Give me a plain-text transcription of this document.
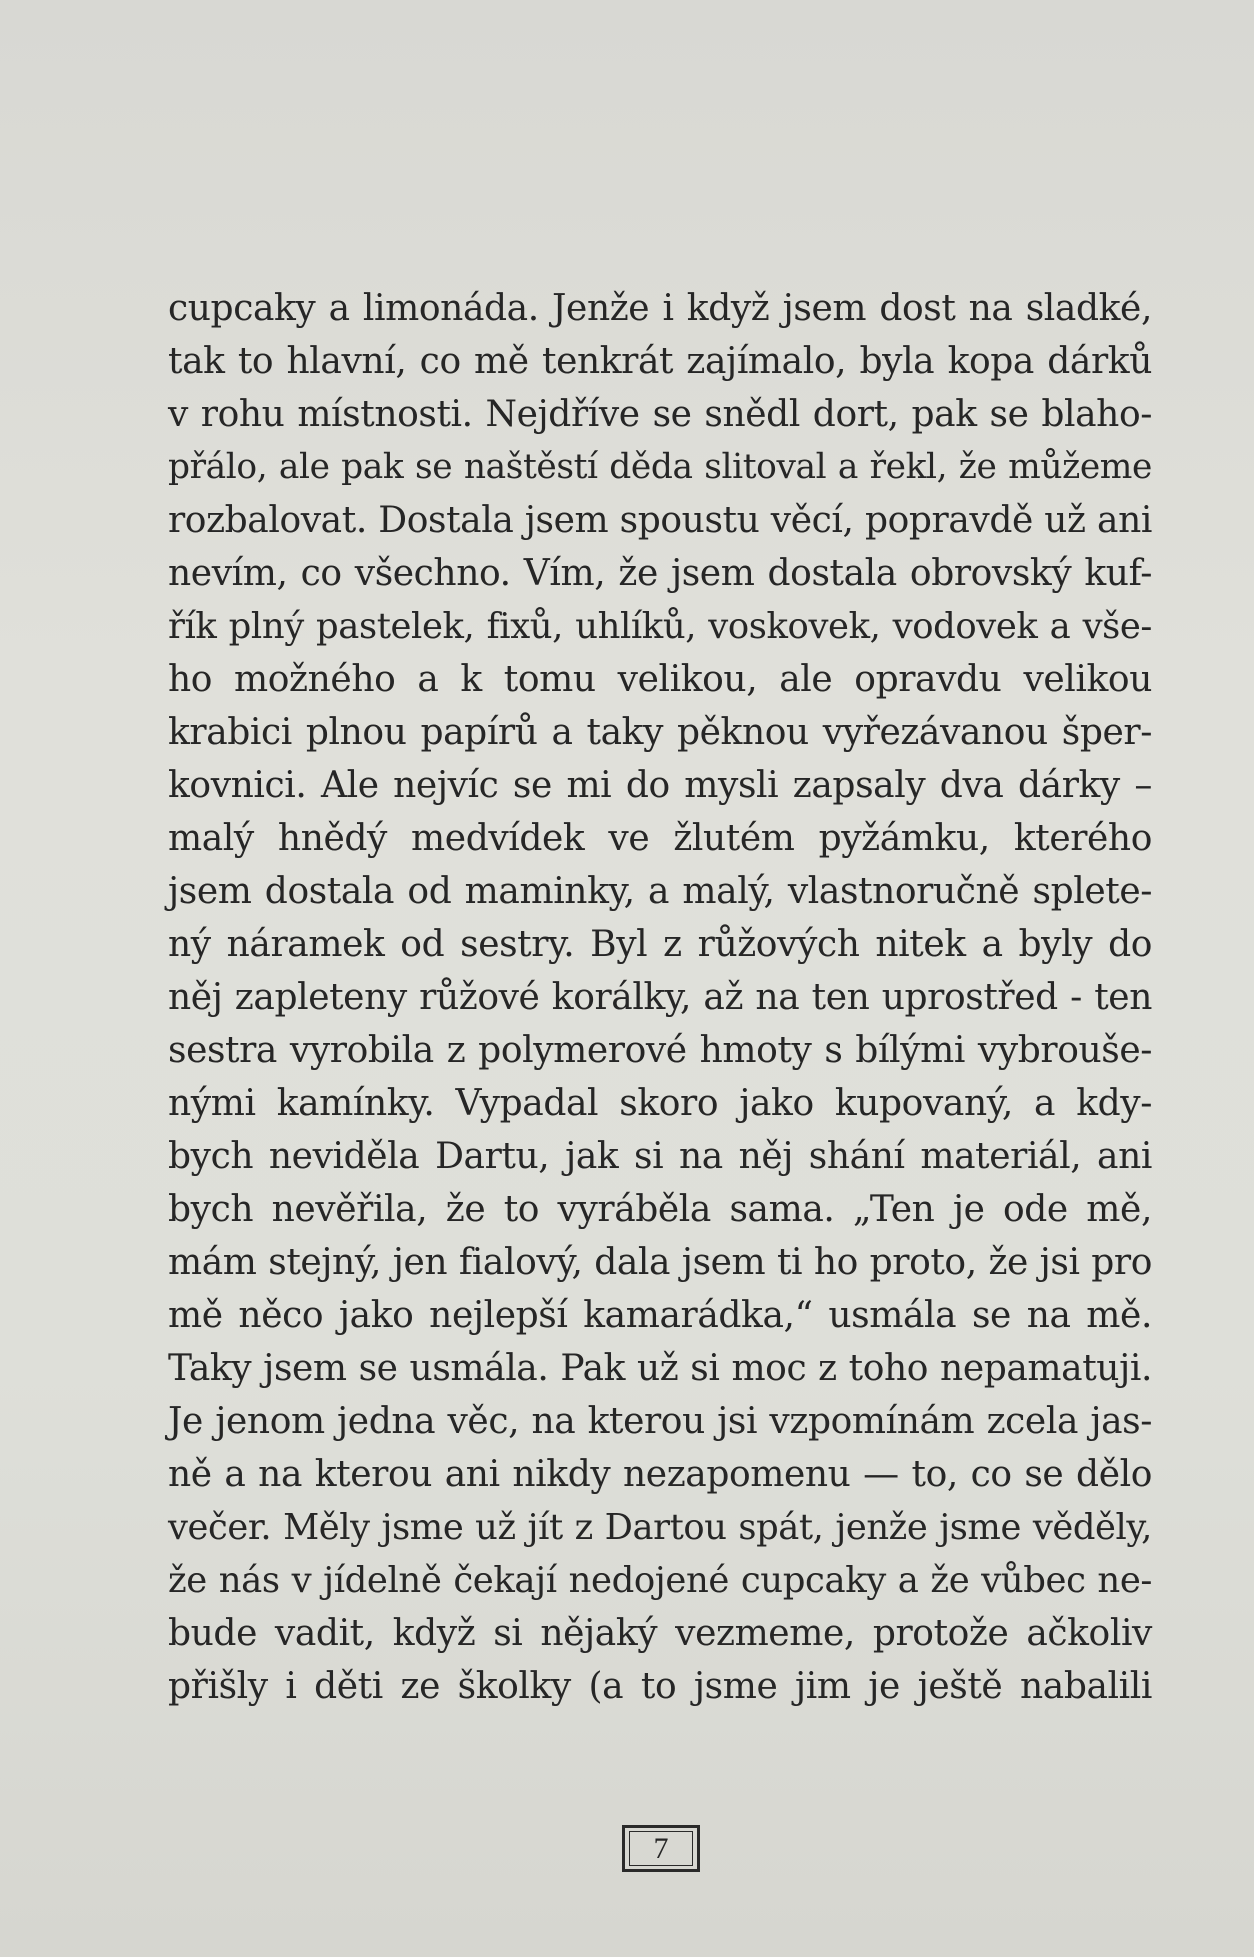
cupcaky a limonáda. Jenže i když jsem dost na sladké,
tak to hlavní, co mě tenkrát zajímalo, byla kopa dárků
v rohu místnosti. Nejdříve se snědl dort, pak se blaho-
přálo, ale pak se naštěstí děda slitoval a řekl, že můžeme
rozbalovat. Dostala jsem spoustu věcí, popravdě už ani
nevím, co všechno. Vím, že jsem dostala obrovský kuf-
řík plný pastelek, fixů, uhlíků, voskovek, vodovek a vše-
ho možného a k tomu velikou, ale opravdu velikou
krabici plnou papírů a taky pěknou vyřezávanou šper-
kovnici. Ale nejvíc se mi do mysli zapsaly dva dárky –
malý hnědý medvídek ve žlutém pyžámku, kterého
jsem dostala od maminky, a malý, vlastnoručně splete-
ný náramek od sestry. Byl z růžových nitek a byly do
něj zapleteny růžové korálky, až na ten uprostřed - ten
sestra vyrobila z polymerové hmoty s bílými vybrouše-
nými kamínky. Vypadal skoro jako kupovaný, a kdy-
bych neviděla Dartu, jak si na něj shání materiál, ani
bych nevěřila, že to vyráběla sama. „Ten je ode mě,
mám stejný, jen fialový, dala jsem ti ho proto, že jsi pro
mě něco jako nejlepší kamarádka,“ usmála se na mě.
Taky jsem se usmála. Pak už si moc z toho nepamatuji.
Je jenom jedna věc, na kterou jsi vzpomínám zcela jas-
ně a na kterou ani nikdy nezapomenu — to, co se dělo
večer. Měly jsme už jít z Dartou spát, jenže jsme věděly,
že nás v jídelně čekají nedojené cupcaky a že vůbec ne-
bude vadit, když si nějaký vezmeme, protože ačkoliv
přišly i děti ze školky (a to jsme jim je ještě nabalili
7
